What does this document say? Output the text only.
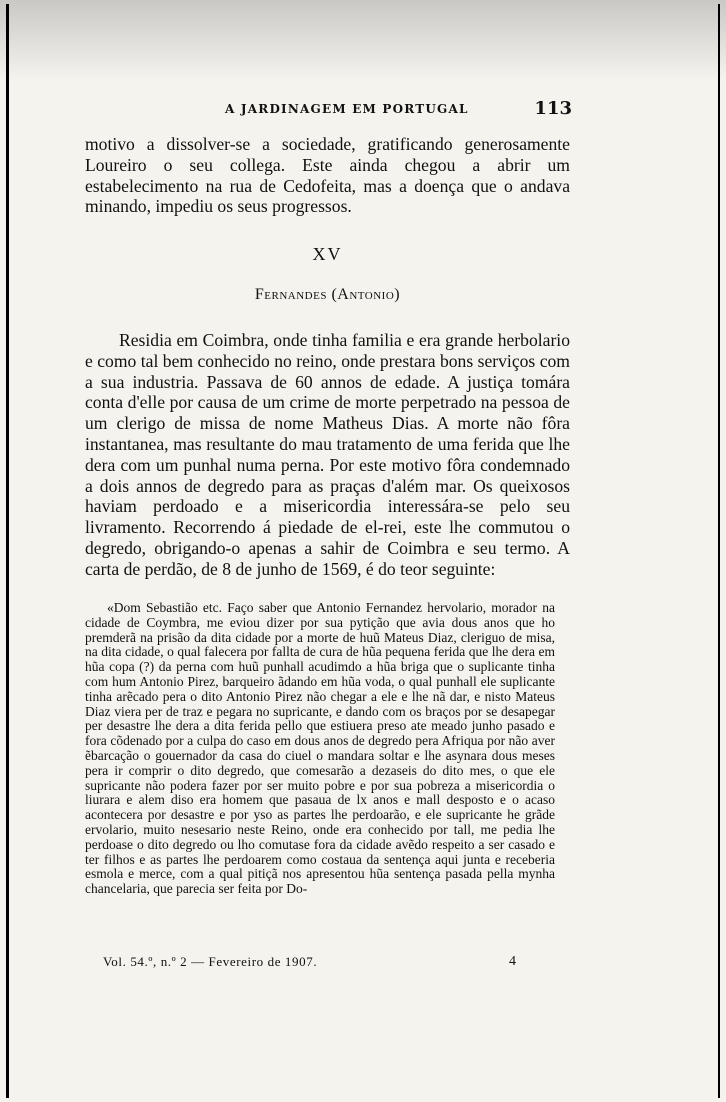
A JARDINAGEM EM PORTUGAL	113

motivo a dissolver-se a sociedade, gratificando generosamente Loureiro o seu collega. Este ainda chegou a abrir um estabelecimento na rua de Cedofeita, mas a doença que o andava minando, impediu os seus progressos.

XV
Fernandes (Antonio)

Residia em Coimbra, onde tinha familia e era grande herbolario e como tal bem conhecido no reino, onde prestara bons serviços com a sua industria. Passava de 60 annos de edade. A justiça tomára conta d'elle por causa de um crime de morte perpetrado na pessoa de um clerigo de missa de nome Matheus Dias. A morte não fôra instantanea, mas resultante do mau tratamento de uma ferida que lhe dera com um punhal numa perna. Por este motivo fôra condemnado a dois annos de degredo para as praças d'além mar. Os queixosos haviam perdoado e a misericordia interessára-se pelo seu livramento. Recorrendo á piedade de el-rei, este lhe commutou o degredo, obrigando-o apenas a sahir de Coimbra e seu termo. A carta de perdão, de 8 de junho de 1569, é do teor seguinte:

«Dom Sebastião etc. Faço saber que Antonio Fernandez hervolario, morador na cidade de Coymbra, me eviou dizer por sua pytição que avia dous anos que ho premderã na prisão da dita cidade por a morte de huũ Mateus Diaz, cleriguo de misa, na dita cidade, o qual falecera por fallta de cura de hũa pequena ferida que lhe dera em hũa copa (?) da perna com huũ punhall acudimdo a hũa briga que o suplicante tinha com hum Antonio Pirez, barqueiro ãdando em hũa voda, o qual punhall ele suplicante tinha arẽcado pera o dito Antonio Pirez não chegar a ele e lhe nã dar, e nisto Mateus Diaz viera per de traz e pegara no supricante, e dando com os braços por se desapegar per desastre lhe dera a dita ferida pello que estiuera preso ate meado junho pasado e fora cõdenado por a culpa do caso em dous anos de degredo pera Afriqua por não aver ẽbarcação o gouernador da casa do ciuel o mandara soltar e lhe asynara dous meses pera ir comprir o dito degredo, que comesarão a dezaseis do dito mes, o que ele supricante não podera fazer por ser muito pobre e por sua pobreza a misericordia o liurara e alem diso era homem que pasaua de lx anos e mall desposto e o acaso acontecera por desastre e por yso as partes lhe perdoarão, e ele supricante he grãde ervolario, muito nesesario neste Reino, onde era conhecido por tall, me pedia lhe perdoase o dito degredo ou lho comutase fora da cidade avẽdo respeito a ser casado e ter filhos e as partes lhe perdoarem como costaua da sentença aqui junta e receberia esmola e merce, com a qual pitiçã nos apresentou hũa sentença pasada pella mynha chancelaria, que parecia ser feita por Do-
Vol. 54.º, n.º 2 — Fevereiro de 1907.	4
